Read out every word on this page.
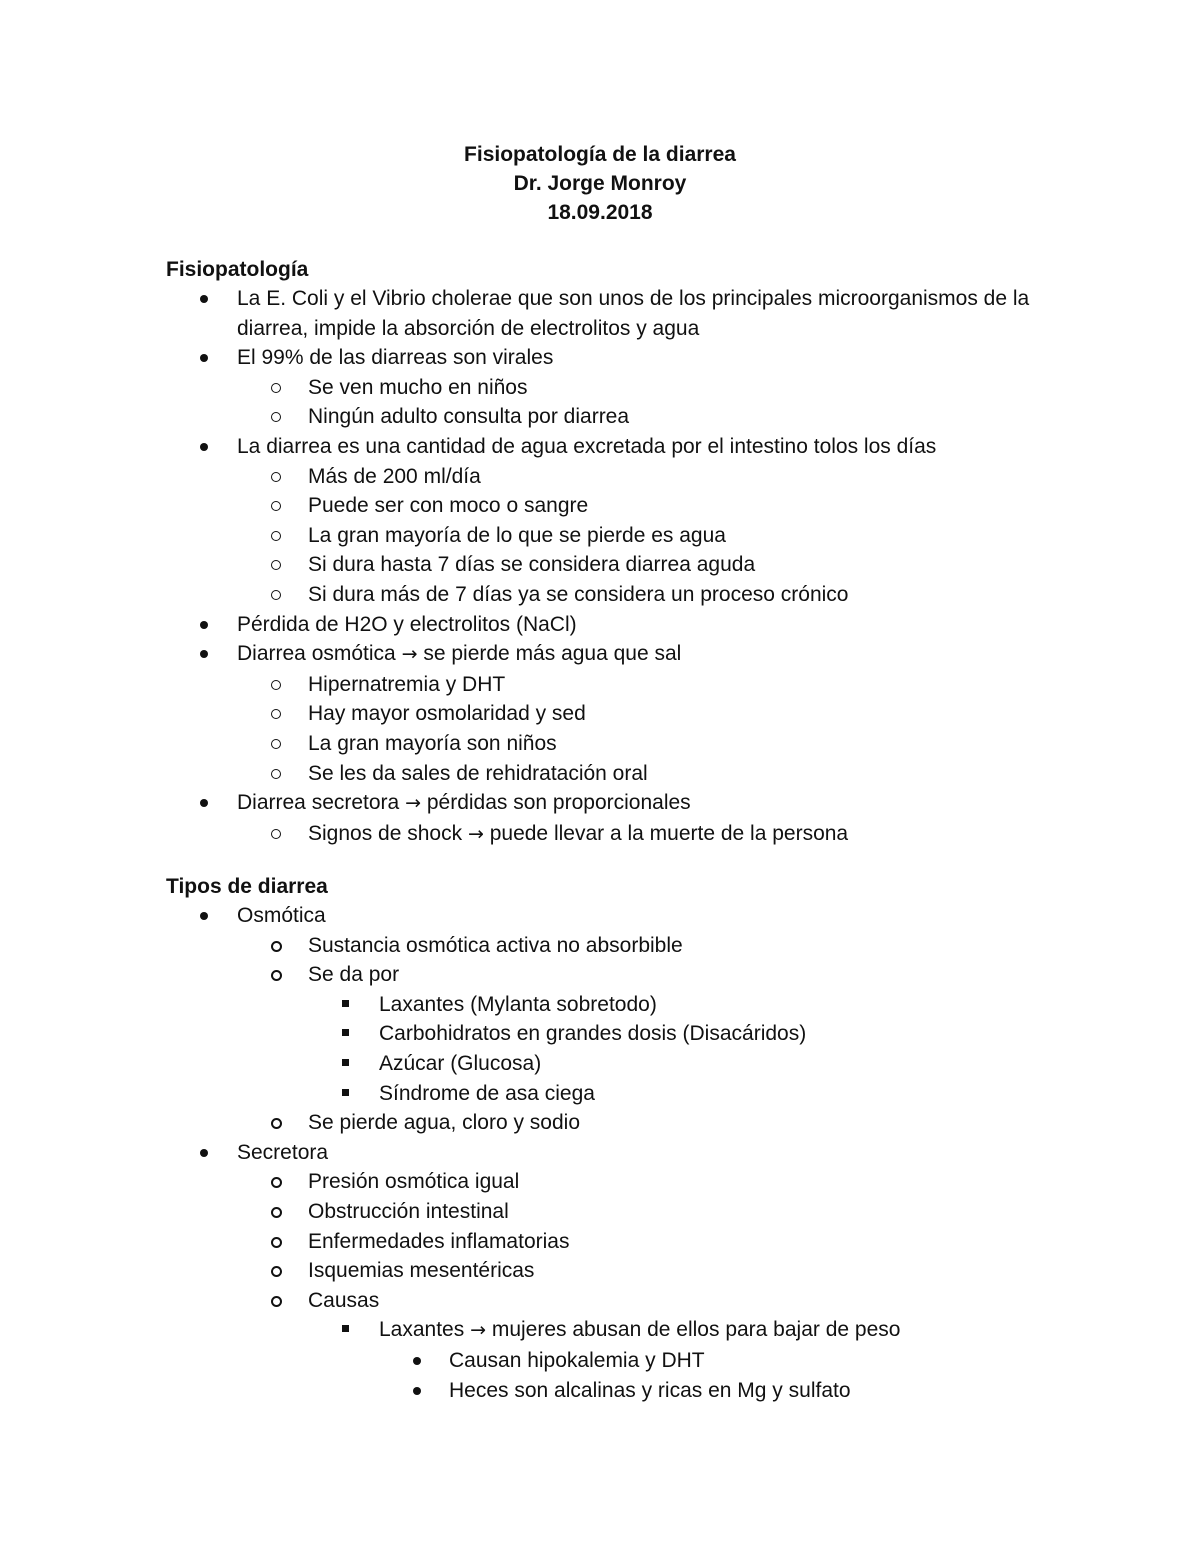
Fisiopatología de la diarrea
Dr. Jorge Monroy
18.09.2018
Fisiopatología
La E. Coli y el Vibrio cholerae que son unos de los principales microorganismos de la diarrea, impide la absorción de electrolitos y agua
El 99% de las diarreas son virales
Se ven mucho en niños
Ningún adulto consulta por diarrea
La diarrea es una cantidad de agua excretada por el intestino tolos los días
Más de 200 ml/día
Puede ser con moco o sangre
La gran mayoría de lo que se pierde es agua
Si dura hasta 7 días se considera diarrea aguda
Si dura más de 7 días ya se considera un proceso crónico
Pérdida de H2O y electrolitos (NaCl)
Diarrea osmótica → se pierde más agua que sal
Hipernatremia y DHT
Hay mayor osmolaridad y sed
La gran mayoría son niños
Se les da sales de rehidratación oral
Diarrea secretora → pérdidas son proporcionales
Signos de shock → puede llevar a la muerte de la persona
Tipos de diarrea
Osmótica
Sustancia osmótica activa no absorbible
Se da por
Laxantes (Mylanta sobretodo)
Carbohidratos en grandes dosis (Disacáridos)
Azúcar (Glucosa)
Síndrome de asa ciega
Se pierde agua, cloro y sodio
Secretora
Presión osmótica igual
Obstrucción intestinal
Enfermedades inflamatorias
Isquemias mesentéricas
Causas
Laxantes → mujeres abusan de ellos para bajar de peso
Causan hipokalemia y DHT
Heces son alcalinas y ricas en Mg y sulfato
